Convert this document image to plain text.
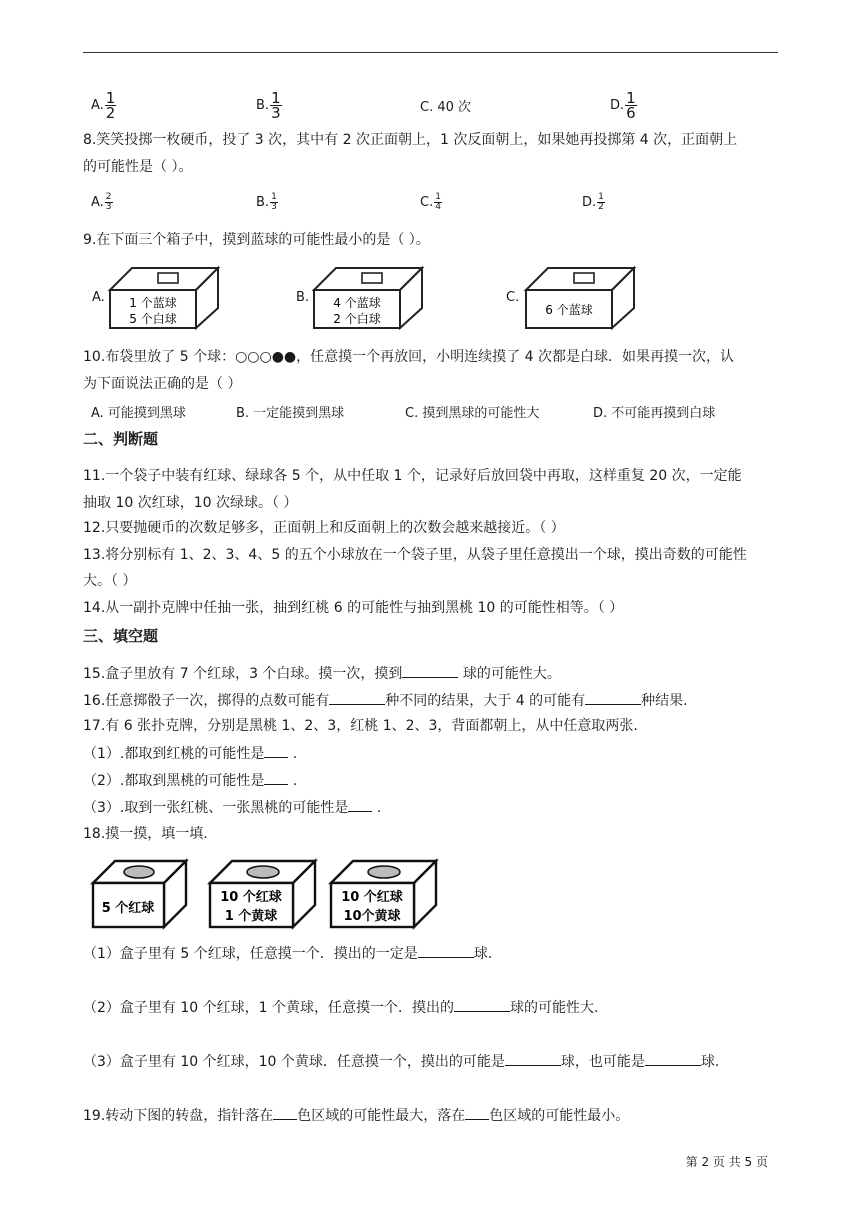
A. $\frac{1}{2}$	B. $\frac{1}{3}$	C. 40 次	D. $\frac{1}{6}$
8.笑笑投掷一枚硬币，投了 3 次，其中有 2 次正面朝上，1 次反面朝上，如果她再投掷第 4 次，正面朝上
的可能性是（ ）。
A. $\frac{2}{3}$	B. $\frac{1}{3}$	C. $\frac{1}{4}$	D. $\frac{1}{2}$
9.在下面三个箱子中，摸到蓝球的可能性最小的是（ ）。
A.	B.	C.
1 个蓝球
5 个白球
4 个蓝球
2 个白球
6 个蓝球
10.布袋里放了 5 个球：○○○●●，任意摸一个再放回，小明连续摸了 4 次都是白球．如果再摸一次，认
为下面说法正确的是（ ）
A. 可能摸到黑球	B. 一定能摸到黑球	C. 摸到黑球的可能性大	D. 不可能再摸到白球
二、判断题
11.一个袋子中装有红球、绿球各 5 个，从中任取 1 个，记录好后放回袋中再取，这样重复 20 次，一定能
抽取 10 次红球，10 次绿球。（ ）
12.只要抛硬币的次数足够多，正面朝上和反面朝上的次数会越来越接近。（ ）
13.将分别标有 1、2、3、4、5 的五个小球放在一个袋子里，从袋子里任意摸出一个球，摸出奇数的可能性
大。（ ）
14.从一副扑克牌中任抽一张，抽到红桃 6 的可能性与抽到黑桃 10 的可能性相等。（ ）
三、填空题
15.盒子里放有 7 个红球，3 个白球。摸一次，摸到	球的可能性大。
16.任意掷骰子一次，掷得的点数可能有	种不同的结果，大于 4 的可能有	种结果.
17.有 6 张扑克牌，分别是黑桃 1、2、3，红桃 1、2、3，背面都朝上，从中任意取两张.
（1）.都取到红桃的可能性是 .
（2）.都取到黑桃的可能性是 .
（3）.取到一张红桃、一张黑桃的可能性是 .
18.摸一摸，填一填.
5 个红球
10 个红球
1 个黄球
10 个红球
10个黄球
（1）盒子里有 5 个红球，任意摸一个．摸出的一定是	球.
（2）盒子里有 10 个红球，1 个黄球，任意摸一个．摸出的	球的可能性大.
（3）盒子里有 10 个红球，10 个黄球．任意摸一个，摸出的可能是	球，也可能是	球.
19.转动下图的转盘，指针落在 色区域的可能性最大，落在 色区域的可能性最小。
第 2 页 共 5 页
